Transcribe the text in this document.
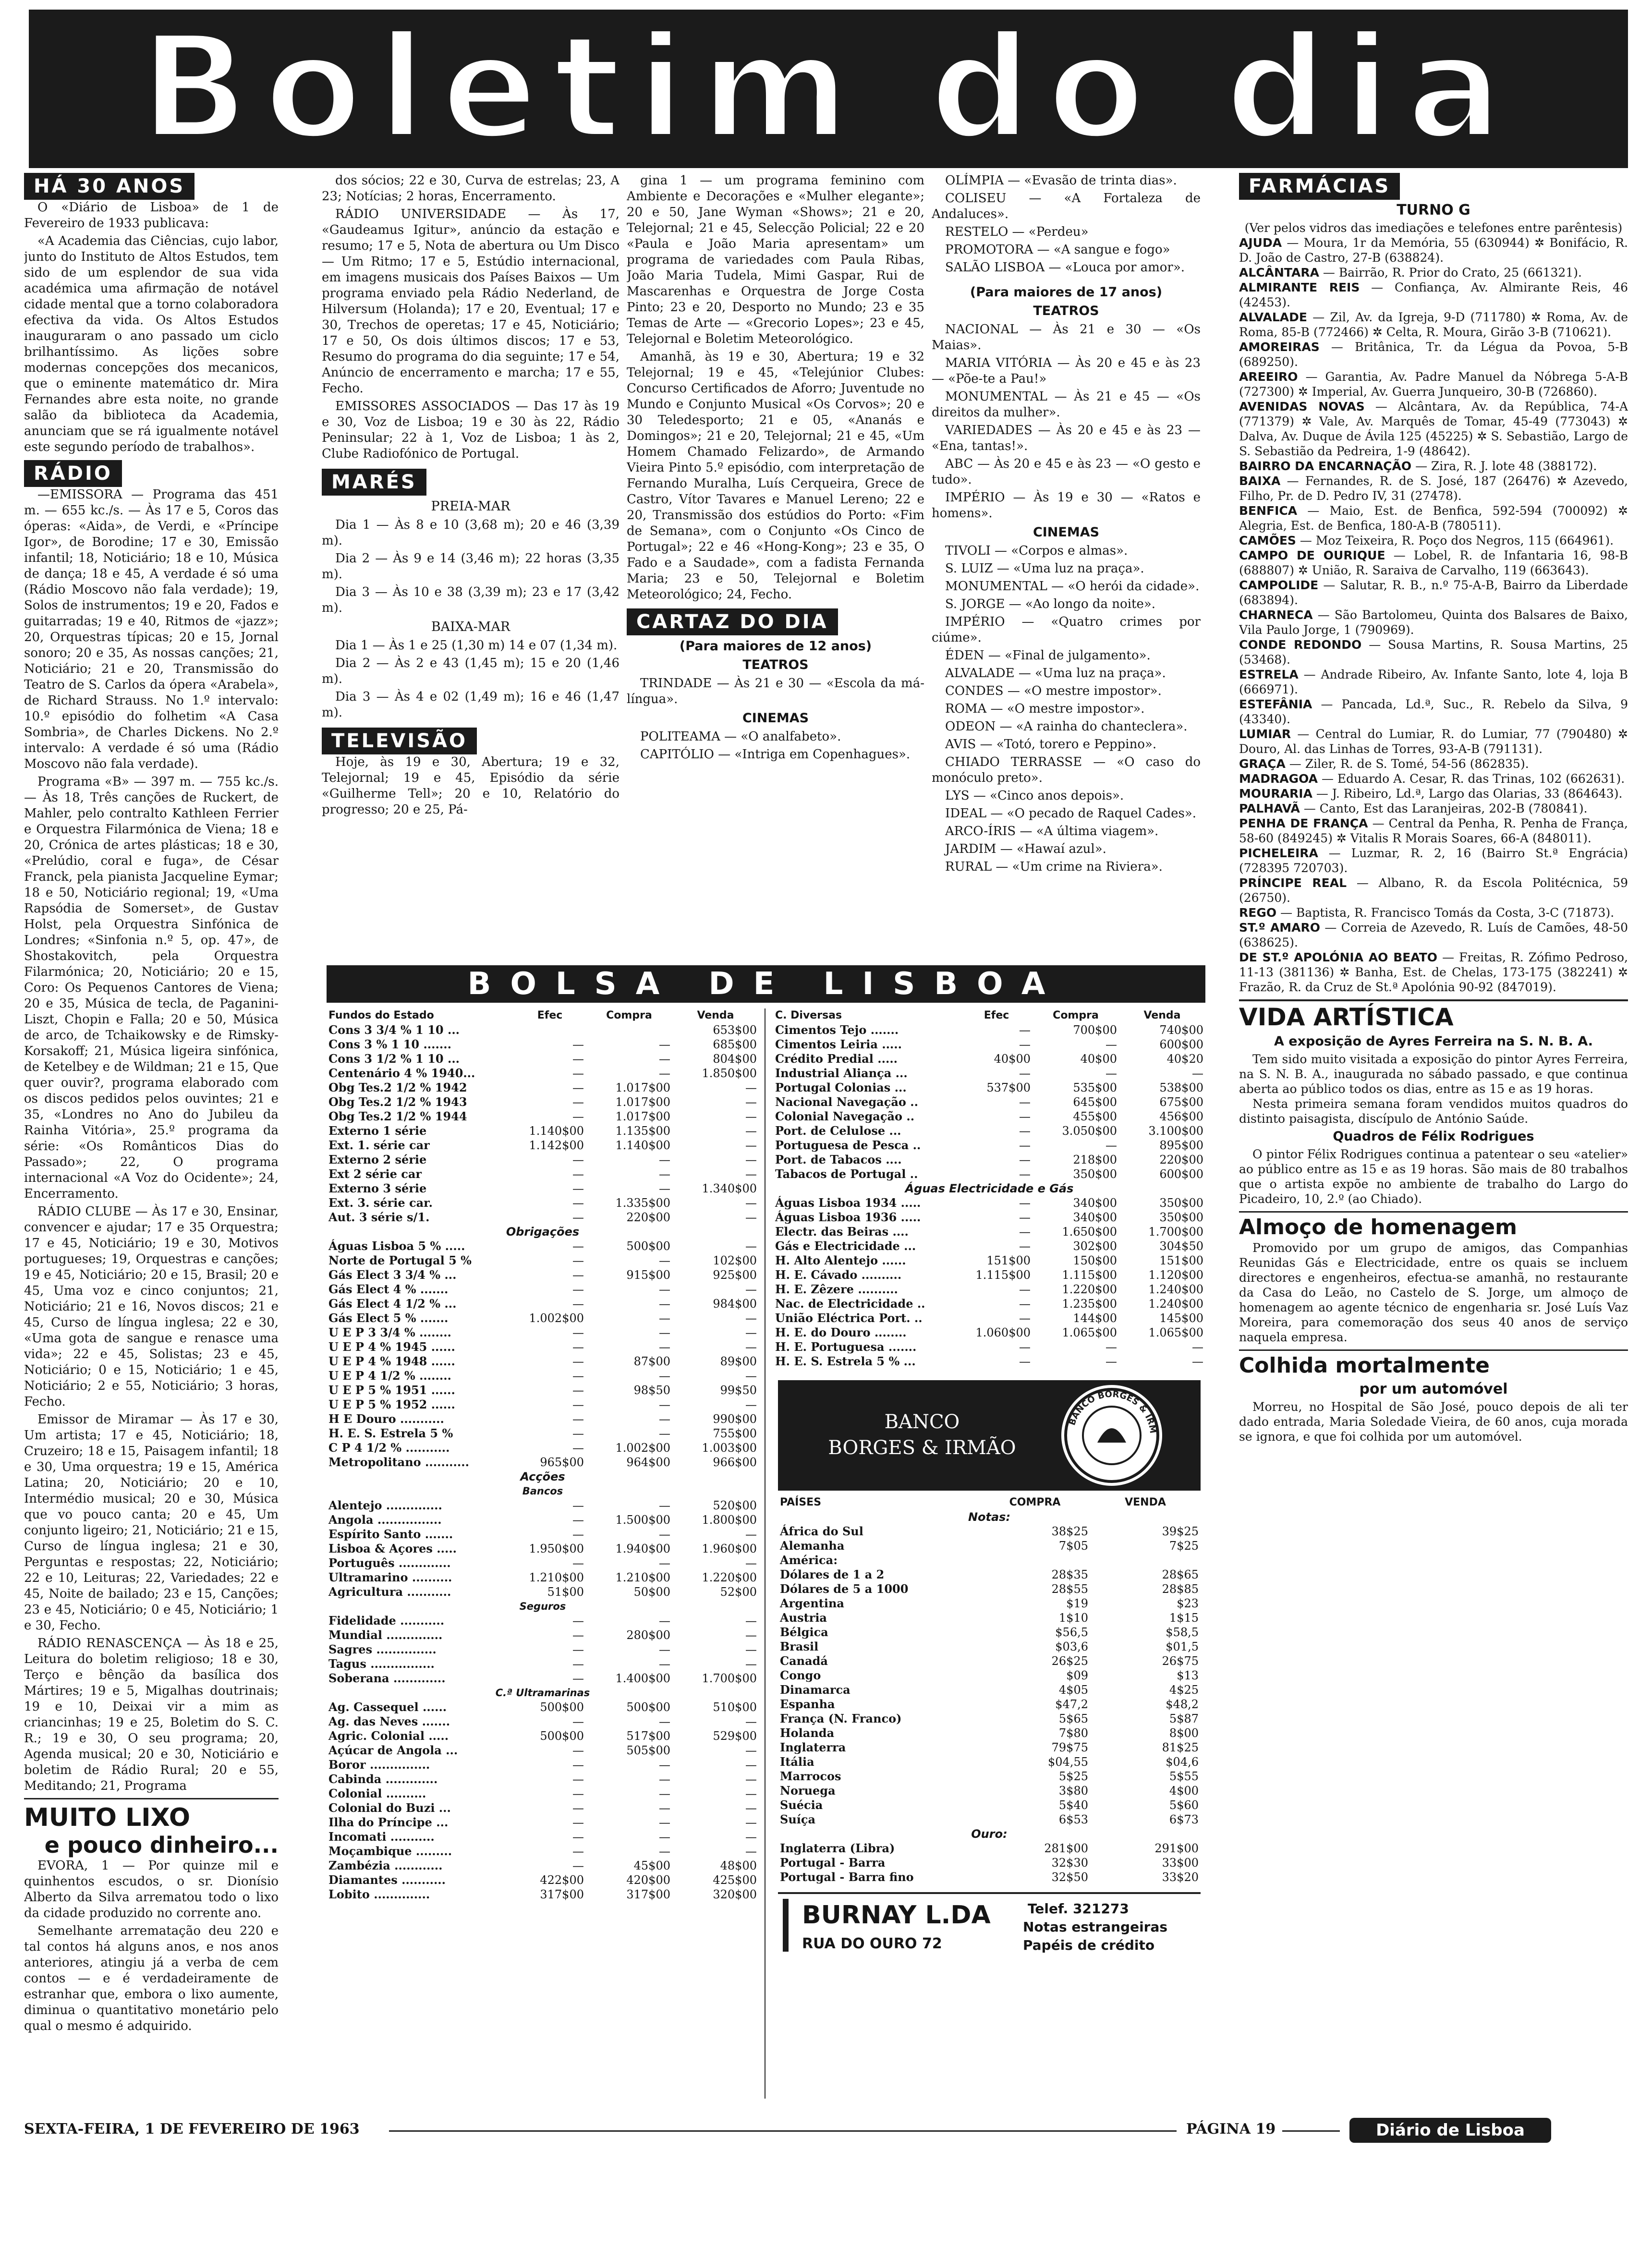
Boletim do dia
HÁ 30 ANOS

O «Diário de Lisboa» de 1 de Fevereiro de 1933 publicava:

«A Academia das Ciências, cujo labor, junto do Instituto de Altos Estudos, tem sido de um esplendor de sua vida académica uma afirmação de notável cidade mental que a torno colaboradora efectiva da vida. Os Altos Estudos inauguraram o ano passado um ciclo brilhantíssimo. As lições sobre modernas concepções dos mecanicos, que o eminente matemático dr. Mira Fernandes abre esta noite, no grande salão da biblioteca da Academia, anunciam que se rá igualmente notável este segundo período de trabalhos».

RÁDIO

—EMISSORA — Programa das 451 m. — 655 kc./s. — Às 17 e 5, Coros das óperas: «Aida», de Verdi, e «Príncipe Igor», de Borodine; 17 e 30, Emissão infantil; 18, Noticiário; 18 e 10, Música de dança; 18 e 45, A verdade é só uma (Rádio Moscovo não fala verdade); 19, Solos de instrumentos; 19 e 20, Fados e guitarradas; 19 e 40, Ritmos de «jazz»; 20, Orquestras típicas; 20 e 15, Jornal sonoro; 20 e 35, As nossas canções; 21, Noticiário; 21 e 20, Transmissão do Teatro de S. Carlos da ópera «Arabela», de Richard Strauss. No 1.º intervalo: 10.º episódio do folhetim «A Casa Sombria», de Charles Dickens. No 2.º intervalo: A verdade é só uma (Rádio Moscovo não fala verdade).

Programa «B» — 397 m. — 755 kc./s. — Às 18, Três canções de Ruckert, de Mahler, pelo contralto Kathleen Ferrier e Orquestra Filarmónica de Viena; 18 e 20, Crónica de artes plásticas; 18 e 30, «Prelúdio, coral e fuga», de César Franck, pela pianista Jacqueline Eymar; 18 e 50, Noticiário regional; 19, «Uma Rapsódia de Somerset», de Gustav Holst, pela Orquestra Sinfónica de Londres; «Sinfonia n.º 5, op. 47», de Shostakovitch, pela Orquestra Filarmónica; 20, Noticiário; 20 e 15, Coro: Os Pequenos Cantores de Viena; 20 e 35, Música de tecla, de Paganini-Liszt, Chopin e Falla; 20 e 50, Música de arco, de Tchaikowsky e de Rimsky-Korsakoff; 21, Música ligeira sinfónica, de Ketelbey e de Wildman; 21 e 15, Que quer ouvir?, programa elaborado com os discos pedidos pelos ouvintes; 21 e 35, «Londres no Ano do Jubileu da Rainha Vitória», 25.º programa da série: «Os Românticos Dias do Passado»; 22, O programa internacional «A Voz do Ocidente»; 24, Encerramento.

RÁDIO CLUBE — Às 17 e 30, Ensinar, convencer e ajudar; 17 e 35 Orquestra; 17 e 45, Noticiário; 19 e 30, Motivos portugueses; 19, Orquestras e canções; 19 e 45, Noticiário; 20 e 15, Brasil; 20 e 45, Uma voz e cinco conjuntos; 21, Noticiário; 21 e 16, Novos discos; 21 e 45, Curso de língua inglesa; 22 e 30, «Uma gota de sangue e renasce uma vida»; 22 e 45, Solistas; 23 e 45, Noticiário; 0 e 15, Noticiário; 1 e 45, Noticiário; 2 e 55, Noticiário; 3 horas, Fecho.

Emissor de Miramar — Às 17 e 30, Um artista; 17 e 45, Noticiário; 18, Cruzeiro; 18 e 15, Paisagem infantil; 18 e 30, Uma orquestra; 19 e 15, América Latina; 20, Noticiário; 20 e 10, Intermédio musical; 20 e 30, Música que vo pouco canta; 20 e 45, Um conjunto ligeiro; 21, Noticiário; 21 e 15, Curso de língua inglesa; 21 e 30, Perguntas e respostas; 22, Noticiário; 22 e 10, Leituras; 22, Variedades; 22 e 45, Noite de bailado; 23 e 15, Canções; 23 e 45, Noticiário; 0 e 45, Noticiário; 1 e 30, Fecho.

RÁDIO RENASCENÇA — Às 18 e 25, Leitura do boletim religioso; 18 e 30, Terço e bênção da basílica dos Mártires; 19 e 5, Migalhas doutrinais; 19 e 10, Deixai vir a mim as criancinhas; 19 e 25, Boletim do S. C. R.; 19 e 30, O seu programa; 20, Agenda musical; 20 e 30, Noticiário e boletim de Rádio Rural; 20 e 55, Meditando; 21, Programa

MUITO LIXO
e pouco dinheiro...

EVORA, 1 — Por quinze mil e quinhentos escudos, o sr. Dionísio Alberto da Silva arrematou todo o lixo da cidade produzido no corrente ano.

Semelhante arrematação deu 220 e tal contos há alguns anos, e nos anos anteriores, atingiu já a verba de cem contos — e é verdadeiramente de estranhar que, embora o lixo aumente, diminua o quantitativo monetário pelo qual o mesmo é adquirido.

dos sócios; 22 e 30, Curva de estrelas; 23, A 23; Notícias; 2 horas, Encerramento.

RÁDIO UNIVERSIDADE — Às 17, «Gaudeamus Igitur», anúncio da estação e resumo; 17 e 5, Nota de abertura ou Um Disco — Um Ritmo; 17 e 5, Estúdio internacional, em imagens musicais dos Países Baixos — Um programa enviado pela Rádio Nederland, de Hilversum (Holanda); 17 e 20, Eventual; 17 e 30, Trechos de operetas; 17 e 45, Noticiário; 17 e 50, Os dois últimos discos; 17 e 53, Resumo do programa do dia seguinte; 17 e 54, Anúncio de encerramento e marcha; 17 e 55, Fecho.

EMISSORES ASSOCIADOS — Das 17 às 19 e 30, Voz de Lisboa; 19 e 30 às 22, Rádio Peninsular; 22 à 1, Voz de Lisboa; 1 às 2, Clube Radiofónico de Portugal.

MARÉS
PREIA-MAR

Dia 1 — Às 8 e 10 (3,68 m); 20 e 46 (3,39 m).

Dia 2 — Às 9 e 14 (3,46 m); 22 horas (3,35 m).

Dia 3 — Às 10 e 38 (3,39 m); 23 e 17 (3,42 m).

BAIXA-MAR

Dia 1 — Às 1 e 25 (1,30 m) 14 e 07 (1,34 m).

Dia 2 — Às 2 e 43 (1,45 m); 15 e 20 (1,46 m).

Dia 3 — Às 4 e 02 (1,49 m); 16 e 46 (1,47 m).

TELEVISÃO

Hoje, às 19 e 30, Abertura; 19 e 32, Telejornal; 19 e 45, Episódio da série «Guilherme Tell»; 20 e 10, Relatório do progresso; 20 e 25, Pá-

gina 1 — um programa feminino com Ambiente e Decorações e «Mulher elegante»; 20 e 50, Jane Wyman «Shows»; 21 e 20, Telejornal; 21 e 45, Selecção Policial; 22 e 20 «Paula e João Maria apresentam» um programa de variedades com Paula Ribas, João Maria Tudela, Mimi Gaspar, Rui de Mascarenhas e Orquestra de Jorge Costa Pinto; 23 e 20, Desporto no Mundo; 23 e 35 Temas de Arte — «Grecorio Lopes»; 23 e 45, Telejornal e Boletim Meteorológico.

Amanhã, às 19 e 30, Abertura; 19 e 32 Telejornal; 19 e 45, «Telejúnior Clubes: Concurso Certificados de Aforro; Juventude no Mundo e Conjunto Musical «Os Corvos»; 20 e 30 Teledesporto; 21 e 05, «Ananás e Domingos»; 21 e 20, Telejornal; 21 e 45, «Um Homem Chamado Felizardo», de Armando Vieira Pinto 5.º episódio, com interpretação de Fernando Muralha, Luís Cerqueira, Grece de Castro, Vítor Tavares e Manuel Lereno; 22 e 20, Transmissão dos estúdios do Porto: «Fim de Semana», com o Conjunto «Os Cinco de Portugal»; 22 e 46 «Hong-Kong»; 23 e 35, O Fado e a Saudade», com a fadista Fernanda Maria; 23 e 50, Telejornal e Boletim Meteorológico; 24, Fecho.

CARTAZ DO DIA
(Para maiores de 12 anos)
TEATROS

TRINDADE — Às 21 e 30 — «Escola da má-língua».

CINEMAS

POLITEAMA — «O analfabeto».

CAPITÓLIO — «Intriga em Copenhagues».

OLÍMPIA — «Evasão de trinta dias».

COLISEU — «A Fortaleza de Andaluces».

RESTELO — «Perdeu»

PROMOTORA — «A sangue e fogo»

SALÃO LISBOA — «Louca por amor».

(Para maiores de 17 anos)
TEATROS

NACIONAL — Às 21 e 30 — «Os Maias».

MARIA VITÓRIA — Às 20 e 45 e às 23 — «Põe-te a Pau!»

MONUMENTAL — Às 21 e 45 — «Os direitos da mulher».

VARIEDADES — Às 20 e 45 e às 23 — «Ena, tantas!».

ABC — Às 20 e 45 e às 23 — «O gesto e tudo».

IMPÉRIO — Às 19 e 30 — «Ratos e homens».

CINEMAS

TIVOLI — «Corpos e almas».

S. LUIZ — «Uma luz na praça».

MONUMENTAL — «O herói da cidade».

S. JORGE — «Ao longo da noite».

IMPÉRIO — «Quatro crimes por ciúme».

ÉDEN — «Final de julgamento».

ALVALADE — «Uma luz na praça».

CONDES — «O mestre impostor».

ROMA — «O mestre impostor».

ODEON — «A rainha do chanteclera».

AVIS — «Totó, torero e Peppino».

CHIADO TERRASSE — «O caso do monóculo preto».

LYS — «Cinco anos depois».

IDEAL — «O pecado de Raquel Cades».

ARCO-ÍRIS — «A última viagem».

JARDIM — «Hawaí azul».

RURAL — «Um crime na Riviera».

FARMÁCIAS
TURNO G
(Ver pelos vidros das imediações e telefones entre parêntesis)
AJUDA — Moura, 1r da Memória, 55 (630944) ✲ Bonifácio, R. D. João de Castro, 27-B (638824).
ALCÂNTARA — Bairrão, R. Prior do Crato, 25 (661321).
ALMIRANTE REIS — Confiança, Av. Almirante Reis, 46 (42453).
ALVALADE — Zil, Av. da Igreja, 9-D (711780) ✲ Roma, Av. de Roma, 85-B (772466) ✲ Celta, R. Moura, Girão 3-B (710621).
AMOREIRAS — Britânica, Tr. da Légua da Povoa, 5-B (689250).
AREEIRO — Garantia, Av. Padre Manuel da Nóbrega 5-A-B (727300) ✲ Imperial, Av. Guerra Junqueiro, 30-B (726860).
AVENIDAS NOVAS — Alcântara, Av. da República, 74-A (771379) ✲ Vale, Av. Marquês de Tomar, 45-49 (773043) ✲ Dalva, Av. Duque de Ávila 125 (45225) ✲ S. Sebastião, Largo de S. Sebastião da Pedreira, 1-9 (48642).
BAIRRO DA ENCARNAÇÃO — Zira, R. J. lote 48 (388172).
BAIXA — Fernandes, R. de S. José, 187 (26476) ✲ Azevedo, Filho, Pr. de D. Pedro IV, 31 (27478).
BENFICA — Maio, Est. de Benfica, 592-594 (700092) ✲ Alegria, Est. de Benfica, 180-A-B (780511).
CAMÕES — Moz Teixeira, R. Poço dos Negros, 115 (664961).
CAMPO DE OURIQUE — Lobel, R. de Infantaria 16, 98-B (688807) ✲ União, R. Saraiva de Carvalho, 119 (663643).
CAMPOLIDE — Salutar, R. B., n.º 75-A-B, Bairro da Liberdade (683894).
CHARNECA — São Bartolomeu, Quinta dos Balsares de Baixo, Vila Paulo Jorge, 1 (790969).
CONDE REDONDO — Sousa Martins, R. Sousa Martins, 25 (53468).
ESTRELA — Andrade Ribeiro, Av. Infante Santo, lote 4, loja B (666971).
ESTEFÂNIA — Pancada, Ld.ª, Suc., R. Rebelo da Silva, 9 (43340).
LUMIAR — Central do Lumiar, R. do Lumiar, 77 (790480) ✲ Douro, Al. das Linhas de Torres, 93-A-B (791131).
GRAÇA — Ziler, R. de S. Tomé, 54-56 (862835).
MADRAGOA — Eduardo A. Cesar, R. das Trinas, 102 (662631).
MOURARIA — J. Ribeiro, Ld.ª, Largo das Olarias, 33 (864643).
PALHAVÃ — Canto, Est das Laranjeiras, 202-B (780841).
PENHA DE FRANÇA — Central da Penha, R. Penha de França, 58-60 (849245) ✲ Vitalis R Morais Soares, 66-A (848011).
PICHELEIRA — Luzmar, R. 2, 16 (Bairro St.ª Engrácia) (728395 720703).
PRÍNCIPE REAL — Albano, R. da Escola Politécnica, 59 (26750).
REGO — Baptista, R. Francisco Tomás da Costa, 3-C (71873).
ST.º AMARO — Correia de Azevedo, R. Luís de Camões, 48-50 (638625).
DE ST.º APOLÓNIA AO BEATO — Freitas, R. Zófimo Pedroso, 11-13 (381136) ✲ Banha, Est. de Chelas, 173-175 (382241) ✲ Frazão, R. da Cruz de St.ª Apolónia 90-92 (847019).
VIDA ARTÍSTICA
A exposição de Ayres Ferreira na S. N. B. A.

Tem sido muito visitada a exposição do pintor Ayres Ferreira, na S. N. B. A., inaugurada no sábado passado, e que continua aberta ao público todos os dias, entre as 15 e as 19 horas.

Nesta primeira semana foram vendidos muitos quadros do distinto paisagista, discípulo de António Saúde.

Quadros de Félix Rodrigues

O pintor Félix Rodrigues continua a patentear o seu «atelier» ao público entre as 15 e as 19 horas. São mais de 80 trabalhos que o artista expõe no ambiente de trabalho do Largo do Picadeiro, 10, 2.º (ao Chiado).

Almoço de homenagem

Promovido por um grupo de amigos, das Companhias Reunidas Gás e Electricidade, entre os quais se incluem directores e engenheiros, efectua-se amanhã, no restaurante da Casa do Leão, no Castelo de S. Jorge, um almoço de homenagem ao agente técnico de engenharia sr. José Luís Vaz Moreira, para comemoração dos seus 40 anos de serviço naquela empresa.

Colhida mortalmente
por um automóvel

Morreu, no Hospital de São José, pouco depois de ali ter dado entrada, Maria Soledade Vieira, de 60 anos, cuja morada se ignora, e que foi colhida por um automóvel.

BOLSA DE LISBOA
Fundos do Estado	Efec	Compra	Venda
Cons 3 3/4 % 1 10 ...			653$00
Cons 3 % 1 10 .......	—	—	685$00
Cons 3 1/2 % 1 10 ...	—	—	804$00
Centenário 4 % 1940...	—	—	1.850$00
Obg Tes.2 1/2 % 1942	—	1.017$00	—
Obg Tes.2 1/2 % 1943	—	1.017$00	—
Obg Tes.2 1/2 % 1944	—	1.017$00	—
Externo 1 série	1.140$00	1.135$00	—
Ext. 1. série car	1.142$00	1.140$00	—
Externo 2 série	—	—	—
Ext 2 série car	—	—	—
Externo 3 série	—	—	1.340$00
Ext. 3. série car.	—	1.335$00	—
Aut. 3 série s/1.	—	220$00	—
Obrigações			
Águas Lisboa 5 % .....	—	500$00	—
Norte de Portugal 5 %	—	—	102$00
Gás Elect 3 3/4 % ...	—	915$00	925$00
Gás Elect 4 % .......	—	—	—
Gás Elect 4 1/2 % ...	—	—	984$00
Gás Elect 5 % .......	1.002$00	—	—
U E P 3 3/4 % ........	—	—	—
U E P 4 % 1945 ......	—	—	—
U E P 4 % 1948 ......	—	87$00	89$00
U E P 4 1/2 % ........	—	—	—
U E P 5 % 1951 ......	—	98$50	99$50
U E P 5 % 1952 ......	—	—	—
H E Douro ...........	—	—	990$00
H. E. S. Estrela 5 %	—	—	755$00
C P 4 1/2 % ...........	—	1.002$00	1.003$00
Metropolitano ...........	965$00	964$00	966$00
Acções			
Bancos			
Alentejo ..............	—	—	520$00
Angola ................	—	1.500$00	1.800$00
Espírito Santo .......	—	—	—
Lisboa & Açores .....	1.950$00	1.940$00	1.960$00
Português .............	—	—	—
Ultramarino ..........	1.210$00	1.210$00	1.220$00
Agricultura ...........	51$00	50$00	52$00
Seguros			
Fidelidade ...........	—	—	—
Mundial ..............	—	280$00	—
Sagres ...............	—	—	—
Tagus ................	—	—	—
Soberana .............	—	1.400$00	1.700$00
C.ª Ultramarinas			
Ag. Cassequel ......	500$00	500$00	510$00
Ag. das Neves .......	—	—	—
Agric. Colonial .....	500$00	517$00	529$00
Açúcar de Angola ...	—	505$00	—
Boror ...............	—	—	—
Cabinda .............	—	—	—
Colonial ..........	—	—	—
Colonial do Buzi ...	—	—	—
Ilha do Príncipe ...	—	—	—
Incomati ...........	—	—	—
Moçambique .........	—	—	—
Zambézia ............	—	45$00	48$00
Diamantes ...........	422$00	420$00	425$00
Lobito ..............	317$00	317$00	320$00
C. Diversas	Efec	Compra	Venda
Cimentos Tejo .......	—	700$00	740$00
Cimentos Leiria .....	—	—	600$00
Crédito Predial .....	40$00	40$00	40$20
Industrial Aliança ...	—	—	—
Portugal Colonias ...	537$00	535$00	538$00
Nacional Navegação ..	—	645$00	675$00
Colonial Navegação ..	—	455$00	456$00
Port. de Celulose ...	—	3.050$00	3.100$00
Portuguesa de Pesca ..	—	—	895$00
Port. de Tabacos ....	—	218$00	220$00
Tabacos de Portugal ..	—	350$00	600$00
Águas Electricidade e Gás			
Águas Lisboa 1934 .....	—	340$00	350$00
Águas Lisboa 1936 .....	—	340$00	350$00
Electr. das Beiras ....	—	1.650$00	1.700$00
Gás e Electricidade ...	—	302$00	304$50
H. Alto Alentejo ......	151$00	150$00	151$00
H. E. Cávado ..........	1.115$00	1.115$00	1.120$00
H. E. Zêzere ..........	—	1.220$00	1.240$00
Nac. de Electricidade ..	—	1.235$00	1.240$00
União Eléctrica Port. ..	—	144$00	145$00
H. E. do Douro ........	1.060$00	1.065$00	1.065$00
H. E. Portuguesa .......	—	—	—
H. E. S. Estrela 5 % ...	—	—	—
BANCO
BORGES & IRMÃO
BANCO BORGES & IRM
PAÍSES	COMPRA	VENDA
Notas:		
África do Sul	38$25	39$25
Alemanha	7$05	7$25
América:		
Dólares de 1 a 2	28$35	28$65
Dólares de 5 a 1000	28$55	28$85
Argentina	$19	$23
Austria	1$10	1$15
Bélgica	$56,5	$58,5
Brasil	$03,6	$01,5
Canadá	26$25	26$75
Congo	$09	$13
Dinamarca	4$05	4$25
Espanha	$47,2	$48,2
França (N. Franco)	5$65	5$87
Holanda	7$80	8$00
Inglaterra	79$75	81$25
Itália	$04,55	$04,6
Marrocos	5$25	5$55
Noruega	3$80	4$00
Suécia	5$40	5$60
Suíça	6$53	6$73
Ouro:		
Inglaterra (Libra)	281$00	291$00
Portugal - Barra	32$30	33$00
Portugal - Barra fino	32$50	33$20
BURNAY L.DA
RUA DO OURO 72
Telef. 321273
Notas estrangeiras
Papéis de crédito
SEXTA-FEIRA, 1 DE FEVEREIRO DE 1963	PÁGINA 19	Diário de Lisboa
